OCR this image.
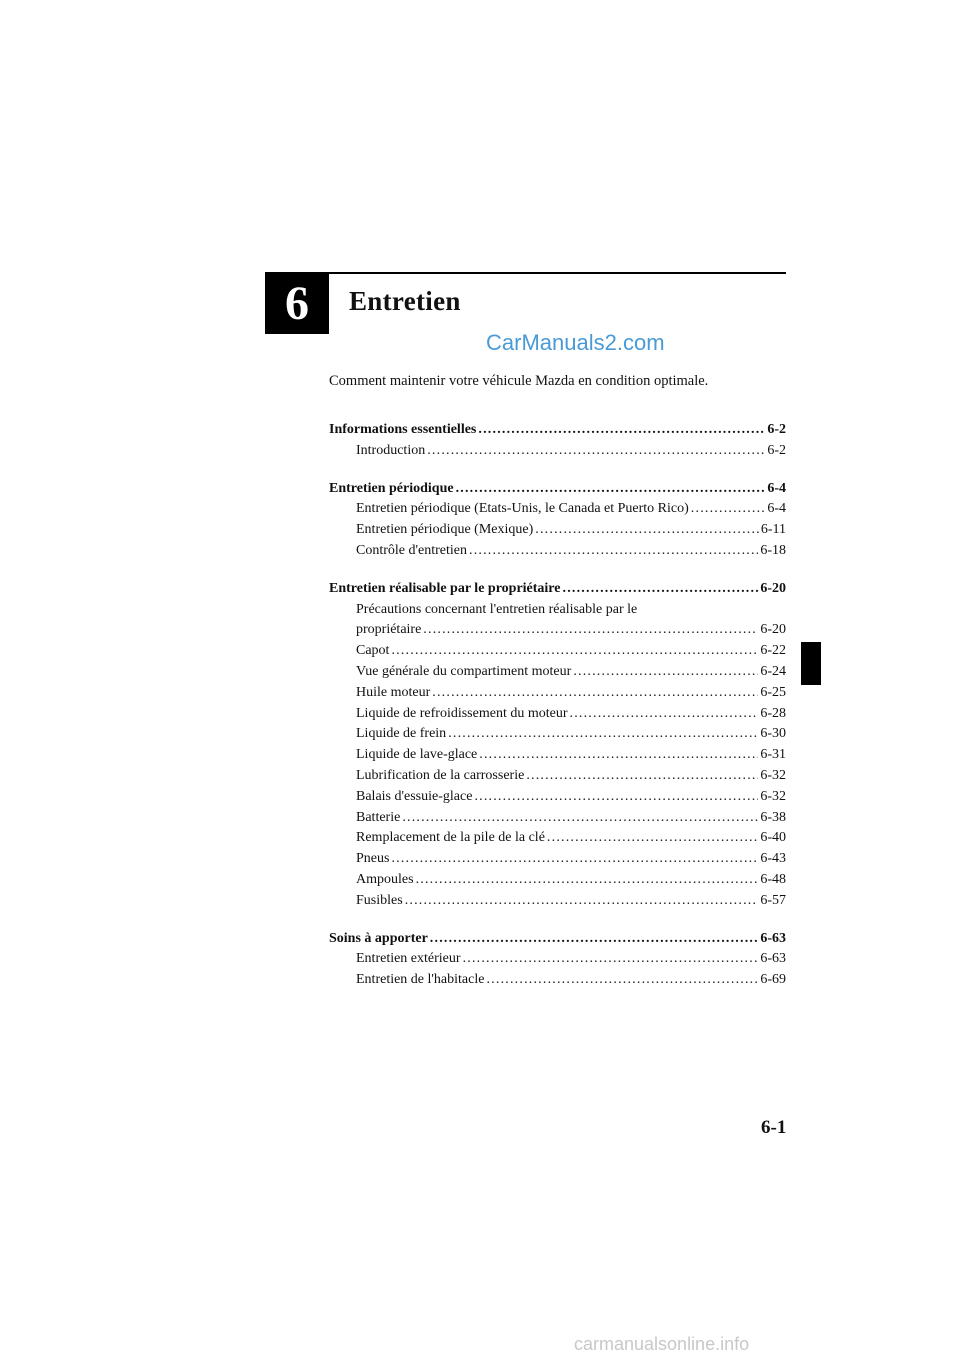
6 Entretien
CarManuals2.com
Comment maintenir votre véhicule Mazda en condition optimale.
Informations essentielles .....	6-2
Introduction .....	6-2
Entretien périodique .....	6-4
Entretien périodique (Etats-Unis, le Canada et Puerto Rico) .....	6-4
Entretien périodique (Mexique) .....	6-11
Contrôle d'entretien .....	6-18
Entretien réalisable par le propriétaire .....	6-20
Précautions concernant l'entretien réalisable par le
propriétaire .....	6-20
Capot .....	6-22
Vue générale du compartiment moteur .....	6-24
Huile moteur .....	6-25
Liquide de refroidissement du moteur .....	6-28
Liquide de frein .....	6-30
Liquide de lave-glace .....	6-31
Lubrification de la carrosserie .....	6-32
Balais d'essuie-glace .....	6-32
Batterie .....	6-38
Remplacement de la pile de la clé .....	6-40
Pneus .....	6-43
Ampoules .....	6-48
Fusibles .....	6-57
Soins à apporter .....	6-63
Entretien extérieur .....	6-63
Entretien de l'habitacle .....	6-69
6-1
carmanualsonline.info
